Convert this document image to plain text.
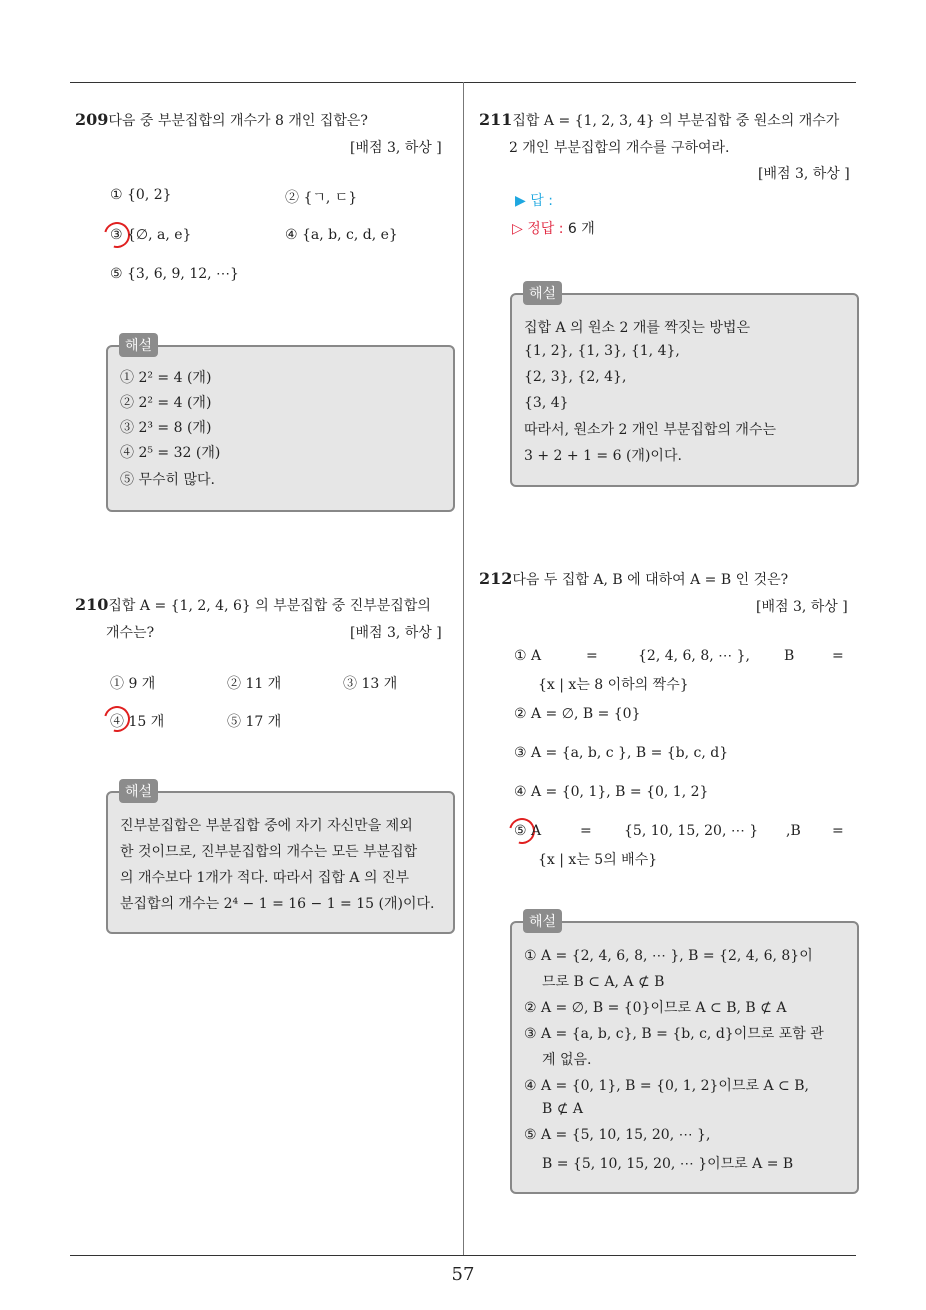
57
209다음 중 부분집합의 개수가 8 개인 집합은?
[배점 3, 하상 ]
① {0, 2}	② {ㄱ, ㄷ}
③ {∅, a, e}	④ {a, b, c, d, e}
⑤ {3, 6, 9, 12, ⋯}
① 2² = 4 (개)
② 2² = 4 (개)
③ 2³ = 8 (개)
④ 2⁵ = 32 (개)
⑤ 무수히 많다.
해설
210집합 A = {1, 2, 4, 6} 의 부분집합 중 진부분집합의
개수는?	[배점 3, 하상 ]
① 9 개	② 11 개	③ 13 개
④ 15 개	⑤ 17 개
진부분집합은 부분집합 중에 자기 자신만을 제외
한 것이므로, 진부분집합의 개수는 모든 부분집합
의 개수보다 1개가 적다. 따라서 집합 A 의 진부
분집합의 개수는 2⁴ − 1 = 16 − 1 = 15 (개)이다.
해설
211집합 A = {1, 2, 3, 4} 의 부분집합 중 원소의 개수가
2 개인 부분집합의 개수를 구하여라.
[배점 3, 하상 ]
▶ 답 :
▷ 정답 : 6 개
집합 A 의 원소 2 개를 짝짓는 방법은
{1, 2}, {1, 3}, {1, 4},
{2, 3}, {2, 4},
{3, 4}
따라서, 원소가 2 개인 부분집합의 개수는
3 + 2 + 1 = 6 (개)이다.
해설
212다음 두 집합 A, B 에 대하여 A = B 인 것은?
[배점 3, 하상 ]
① A	=	{2, 4, 6, 8, ⋯ }, B	=
{x | x는 8 이하의 짝수}
② A = ∅, B = {0}
③ A = {a, b, c }, B = {b, c, d}
④ A = {0, 1}, B = {0, 1, 2}
⑤ A	= {5, 10, 15, 20, ⋯ } ,B =
{x | x는 5의 배수}
① A = {2, 4, 6, 8, ⋯ }, B = {2, 4, 6, 8}이
므로 B ⊂ A, A ⊄ B
② A = ∅, B = {0}이므로 A ⊂ B, B ⊄ A
③ A = {a, b, c}, B = {b, c, d}이므로 포함 관
계 없음.
④ A = {0, 1}, B = {0, 1, 2}이므로 A ⊂ B,
B ⊄ A
⑤ A = {5, 10, 15, 20, ⋯ },
B = {5, 10, 15, 20, ⋯ }이므로 A = B
해설
